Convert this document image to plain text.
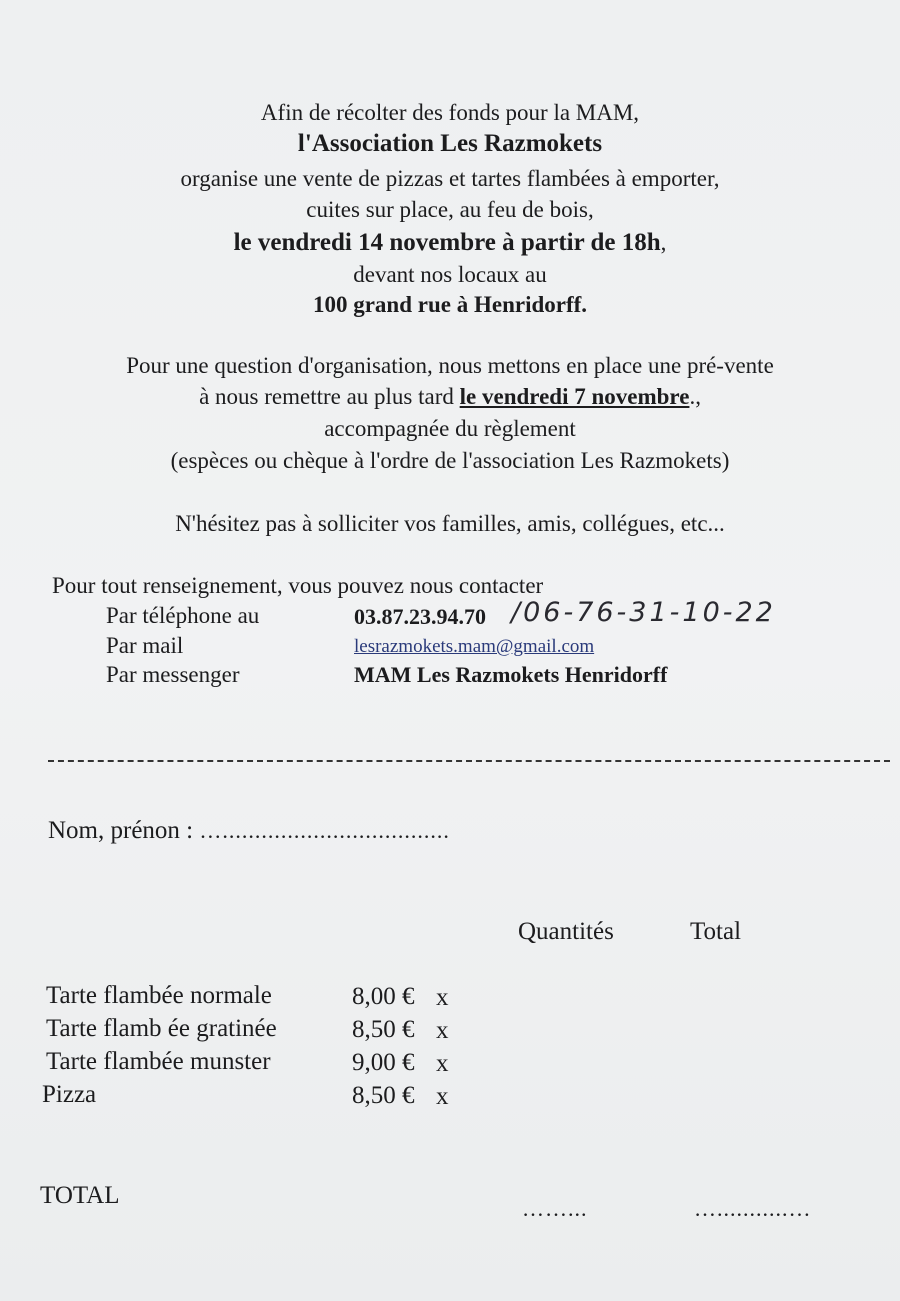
Afin de récolter des fonds pour la MAM,
l'Association Les Razmokets
organise une vente de pizzas et tartes flambées à emporter,
cuites sur place, au feu de bois,
le vendredi 14 novembre à partir de 18h,
devant nos locaux au
100 grand rue à Henridorff.
Pour une question d'organisation, nous mettons en place une pré-vente
à nous remettre au plus tard le vendredi 7 novembre.,
accompagnée du règlement
(espèces ou chèque à l'ordre de l'association Les Razmokets)
N'hésitez pas à solliciter vos familles, amis, collégues, etc...
Pour tout renseignement, vous pouvez nous contacter
Par téléphone au	03.87.23.94.70 /06-76-31-10-22
Par mail	lesrazmokets.mam@gmail.com
Par messenger	MAM Les Razmokets Henridorff
Nom, prénon : …...................................
Quantités	Total
Tarte flambée normale	8,00 € x
Tarte flamb ée gratinée	8,50 € x
Tarte flambée munster	9,00 € x
Pizza	8,50 € x
TOTAL	……...	…...........…
